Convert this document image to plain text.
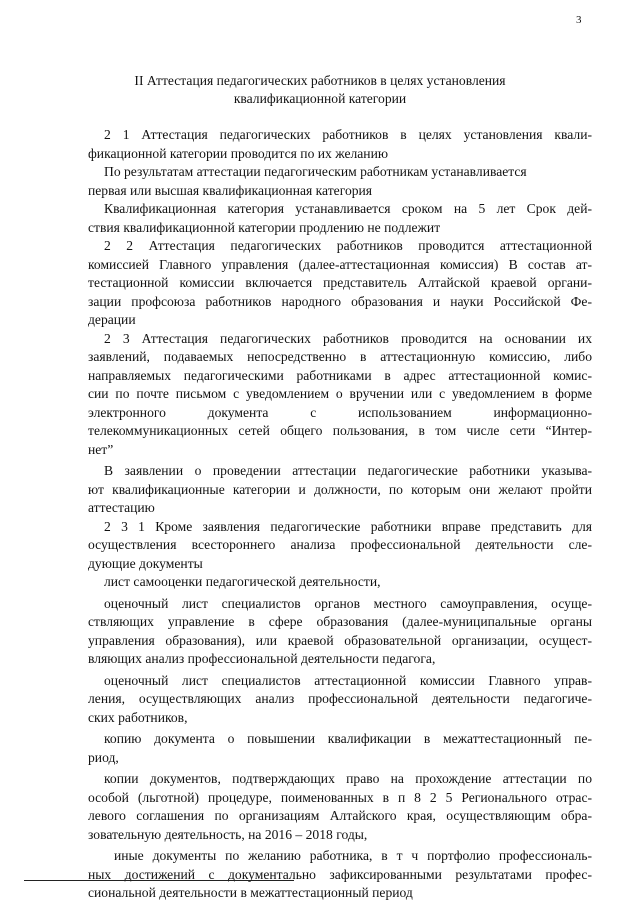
3
II Аттестация педагогических работников в целях установления
квалификационной категории
2 1 Аттестация педагогических работников в целях установления квали-
фикационной категории проводится по их желанию
По результатам аттестации педагогическим работникам устанавливается
первая или высшая квалификационная категория
Квалификационная категория устанавливается сроком на 5 лет Срок дей-
ствия квалификационной категории продлению не подлежит
2 2 Аттестация педагогических работников проводится аттестационной
комиссией Главного управления (далее-аттестационная комиссия) В состав ат-
тестационной комиссии включается представитель Алтайской краевой органи-
зации профсоюза работников народного образования и науки Российской Фе-
дерации
2 3 Аттестация педагогических работников проводится на основании их
заявлений, подаваемых непосредственно в аттестационную комиссию, либо
направляемых педагогическими работниками в адрес аттестационной комис-
сии по почте письмом с уведомлением о вручении или с уведомлением в форме
электронного документа с использованием информационно-
телекоммуникационных сетей общего пользования, в том числе сети “Интер-
нет”
В заявлении о проведении аттестации педагогические работники указыва-
ют квалификационные категории и должности, по которым они желают пройти
аттестацию
2 3 1 Кроме заявления педагогические работники вправе представить для
осуществления всестороннего анализа профессиональной деятельности сле-
дующие документы
лист самооценки педагогической деятельности,
оценочный лист специалистов органов местного самоуправления, осуще-
ствляющих управление в сфере образования (далее-муниципальные органы
управления образования), или краевой образовательной организации, осущест-
вляющих анализ профессиональной деятельности педагога,
оценочный лист специалистов аттестационной комиссии Главного управ-
ления, осуществляющих анализ профессиональной деятельности педагогиче-
ских работников,
копию документа о повышении квалификации в межаттестационный пе-
риод,
копии документов, подтверждающих право на прохождение аттестации по
особой (льготной) процедуре, поименованных в п 8 2 5 Регионального отрас-
левого соглашения по организациям Алтайского края, осуществляющим обра-
зовательную деятельность, на 2016 – 2018 годы,
иные документы по желанию работника, в т ч портфолио профессиональ-
ных достижений с документально зафиксированными результатами профес-
сиональной деятельности в межаттестационный период
